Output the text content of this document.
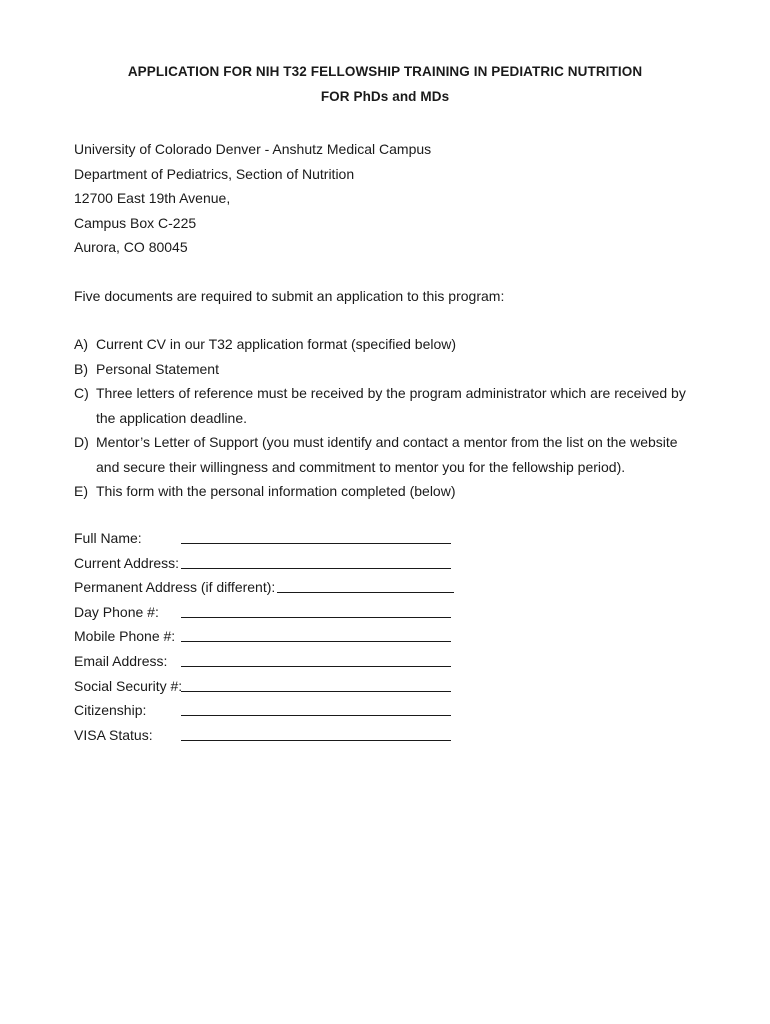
APPLICATION FOR NIH T32 FELLOWSHIP TRAINING IN PEDIATRIC NUTRITION
FOR PhDs and MDs
University of Colorado Denver - Anshutz Medical Campus
Department of Pediatrics, Section of Nutrition
12700 East 19th Avenue,
Campus Box C-225
Aurora, CO 80045
Five documents are required to submit an application to this program:
A) Current CV in our T32 application format (specified below)
B) Personal Statement
C) Three letters of reference must be received by the program administrator which are received by the application deadline.
D) Mentor’s Letter of Support (you must identify and contact a mentor from the list on the website and secure their willingness and commitment to mentor you for the fellowship period).
E) This form with the personal information completed (below)
Full Name:
Current Address:
Permanent Address (if different):
Day Phone #:
Mobile Phone #:
Email Address:
Social Security #:
Citizenship:
VISA Status:
